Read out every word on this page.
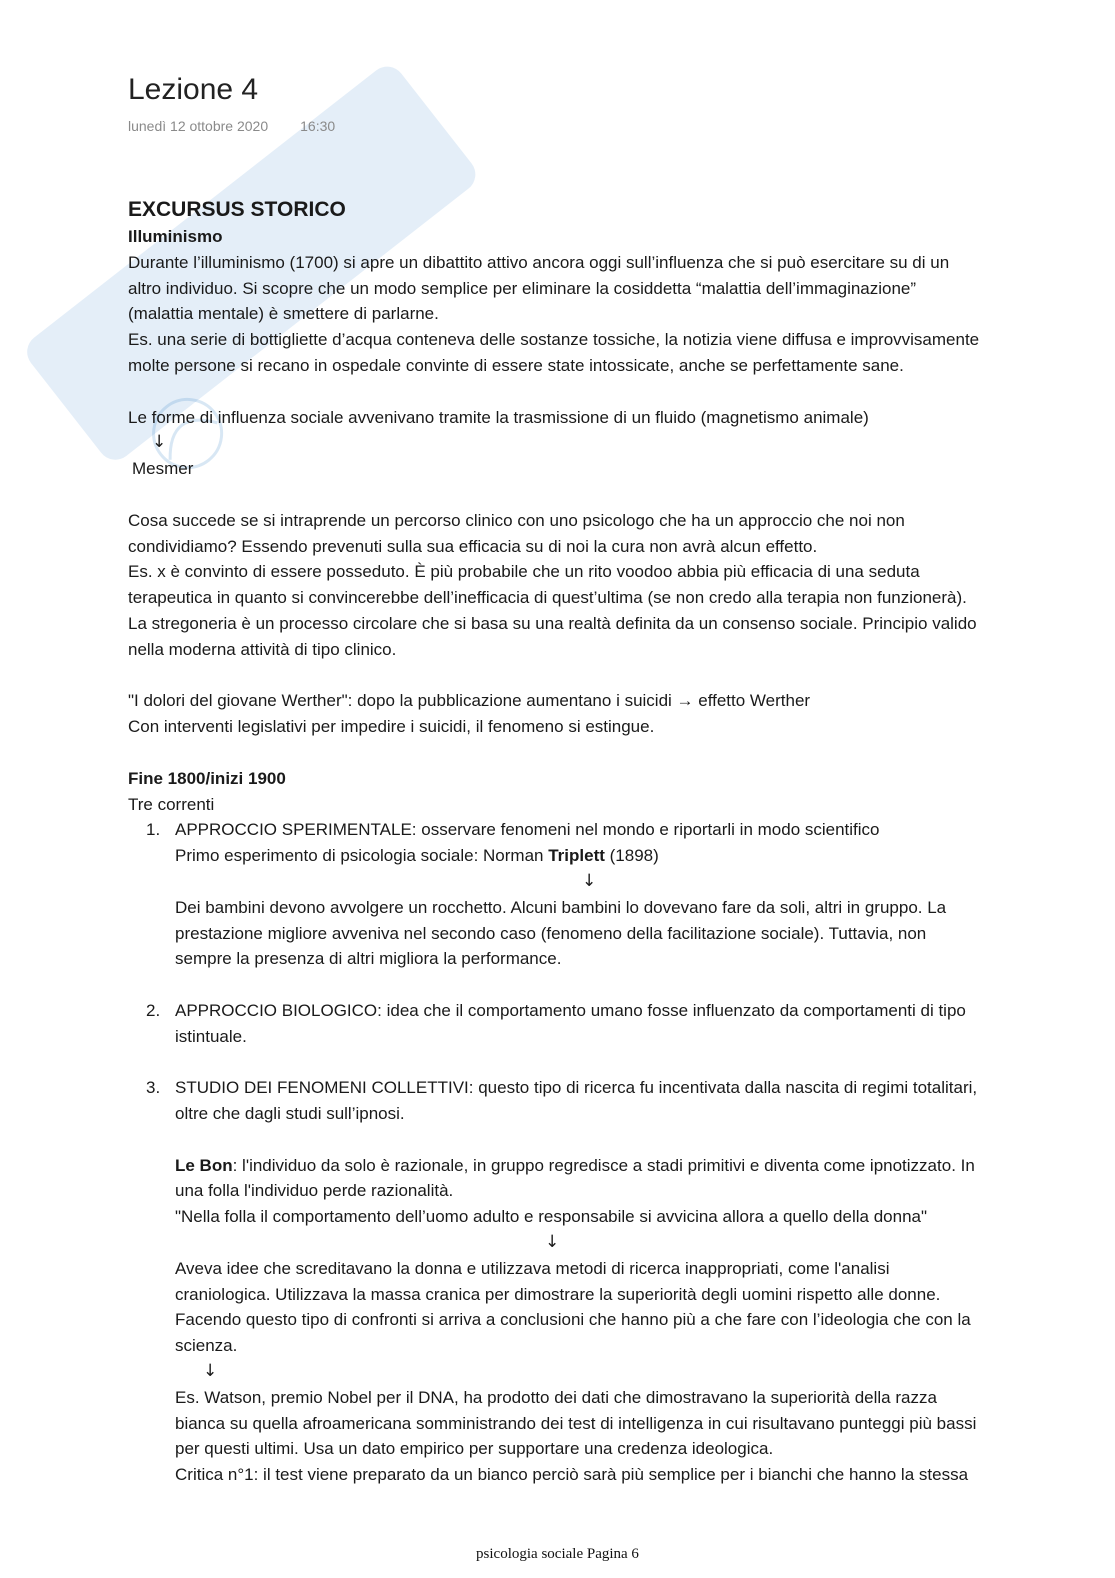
Lezione 4
lunedì 12 ottobre 2020 16:30

EXCURSUS STORICO

Illuminismo

Durante l’illuminismo (1700) si apre un dibattito attivo ancora oggi sull’influenza che si può esercitare su di un

altro individuo. Si scopre che un modo semplice per eliminare la cosiddetta “malattia dell’immaginazione”

(malattia mentale) è smettere di parlarne.

Es. una serie di bottigliette d’acqua conteneva delle sostanze tossiche, la notizia viene diffusa e improvvisamente

molte persone si recano in ospedale convinte di essere state intossicate, anche se perfettamente sane.

Le forme di influenza sociale avvenivano tramite la trasmissione di un fluido (magnetismo animale)

↓

Mesmer

Cosa succede se si intraprende un percorso clinico con uno psicologo che ha un approccio che noi non

condividiamo? Essendo prevenuti sulla sua efficacia su di noi la cura non avrà alcun effetto.

Es. x è convinto di essere posseduto. È più probabile che un rito voodoo abbia più efficacia di una seduta

terapeutica in quanto si convincerebbe dell’inefficacia di quest’ultima (se non credo alla terapia non funzionerà).

La stregoneria è un processo circolare che si basa su una realtà definita da un consenso sociale. Principio valido

nella moderna attività di tipo clinico.

"I dolori del giovane Werther": dopo la pubblicazione aumentano i suicidi → effetto Werther

Con interventi legislativi per impedire i suicidi, il fenomeno si estingue.

Fine 1800/inizi 1900

Tre correnti

1. APPROCCIO SPERIMENTALE: osservare fenomeni nel mondo e riportarli in modo scientifico

Primo esperimento di psicologia sociale: Norman Triplett (1898)

↓

Dei bambini devono avvolgere un rocchetto. Alcuni bambini lo dovevano fare da soli, altri in gruppo. La

prestazione migliore avveniva nel secondo caso (fenomeno della facilitazione sociale). Tuttavia, non

sempre la presenza di altri migliora la performance.

2. APPROCCIO BIOLOGICO: idea che il comportamento umano fosse influenzato da comportamenti di tipo

istintuale.

3. STUDIO DEI FENOMENI COLLETTIVI: questo tipo di ricerca fu incentivata dalla nascita di regimi totalitari,

oltre che dagli studi sull’ipnosi.

Le Bon: l'individuo da solo è razionale, in gruppo regredisce a stadi primitivi e diventa come ipnotizzato. In

una folla l'individuo perde razionalità.

"Nella folla il comportamento dell’uomo adulto e responsabile si avvicina allora a quello della donna"

↓

Aveva idee che screditavano la donna e utilizzava metodi di ricerca inappropriati, come l'analisi

craniologica. Utilizzava la massa cranica per dimostrare la superiorità degli uomini rispetto alle donne.

Facendo questo tipo di confronti si arriva a conclusioni che hanno più a che fare con l’ideologia che con la

scienza.

↓

Es. Watson, premio Nobel per il DNA, ha prodotto dei dati che dimostravano la superiorità della razza

bianca su quella afroamericana somministrando dei test di intelligenza in cui risultavano punteggi più bassi

per questi ultimi. Usa un dato empirico per supportare una credenza ideologica.

Critica n°1: il test viene preparato da un bianco perciò sarà più semplice per i bianchi che hanno la stessa

psicologia sociale Pagina 6
